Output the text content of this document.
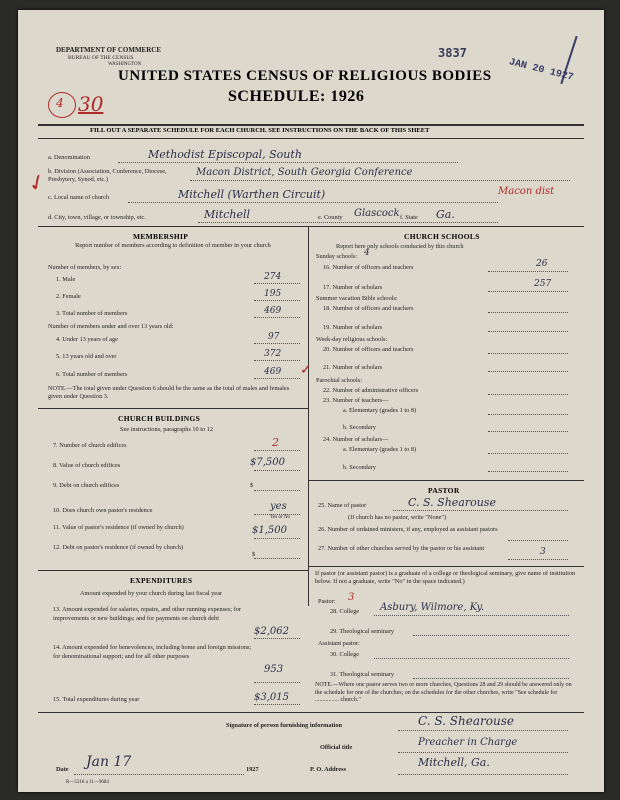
DEPARTMENT OF COMMERCE
BUREAU OF THE CENSUS
WASHINGTON
3837
JAN 20 1927
UNITED STATES CENSUS OF RELIGIOUS BODIES
SCHEDULE: 1926
4 30
FILL OUT A SEPARATE SCHEDULE FOR EACH CHURCH. SEE INSTRUCTIONS ON THE BACK OF THIS SHEET
a. Denomination	Methodist Episcopal, South
b. Division (Association, Conference, Diocese, Presbytery, Synod, etc.)
Macon District, South Georgia Conference
c. Local name of church	Mitchell (Warthen Circuit)	Macon dist
d. City, town, village, or township, etc.	Mitchell	e. County Glascock f. State Ga.
✓
MEMBERSHIP
Report number of members according to definition of member in your church
Number of members, by sex:
1. Male	274
2. Female	195
3. Total number of members	469
Number of members under and over 13 years old:
4. Under 13 years of age	97
5. 13 years old and over	372
6. Total number of members	469 ✓
NOTE.—The total given under Question 6 should be the same as the total of males and females given under Question 3.
CHURCH BUILDINGS
See instructions, paragraphs 10 to 12
7. Number of church edifices	2
8. Value of church edifices	$7,500
9. Debt on church edifices	$
10. Does church own pastor's residence	yes
Yes or No
11. Value of pastor's residence (if owned by church)	$1,500
12. Debt on pastor's residence (if owned by church)
$
EXPENDITURES
Amount expended by your church during last fiscal year
13. Amount expended for salaries, repairs, and other running expenses; for improvements or new buildings; and for payments on church debt
$2,062
14. Amount expended for benevolences, including home and foreign missions; for denominational support; and for all other purposes
953
15. Total expenditures during year	$3,015
CHURCH SCHOOLS
Report here only schools conducted by this church
Sunday schools: 4
16. Number of officers and teachers	26
17. Number of scholars	257
Summer vacation Bible schools:
18. Number of officers and teachers
19. Number of scholars
Week-day religious schools:
20. Number of officers and teachers
21. Number of scholars
Parochial schools:
22. Number of administrative officers
23. Number of teachers—
a. Elementary (grades 1 to 8)
b. Secondary
24. Number of scholars—
a. Elementary (grades 1 to 8)
b. Secondary
PASTOR
25. Name of pastor	C. S. Shearouse
(If church has no pastor, write "None")
26. Number of ordained ministers, if any, employed as assistant pastors
27. Number of other churches served by the pastor or his assistant	3
If pastor (or assistant pastor) is a graduate of a college or theological seminary, give name of institution below. If not a graduate, write "No" in the space indicated.)
Pastor: 3
28. College Asbury, Wilmore, Ky.
29. Theological seminary
Assistant pastor:
30. College
31. Theological seminary
NOTE.—Where one pastor serves two or more churches, Questions 28 and 29 should be answered only on the schedule for one of the churches; on the schedules for the other churches, write "See schedule for ................ church."
Signature of person furnishing information	C. S. Shearouse
Official title	Preacher in Charge
Date Jan 17	1927	P. O. Address
Mitchell, Ga.
R—5318 a 11—9684
